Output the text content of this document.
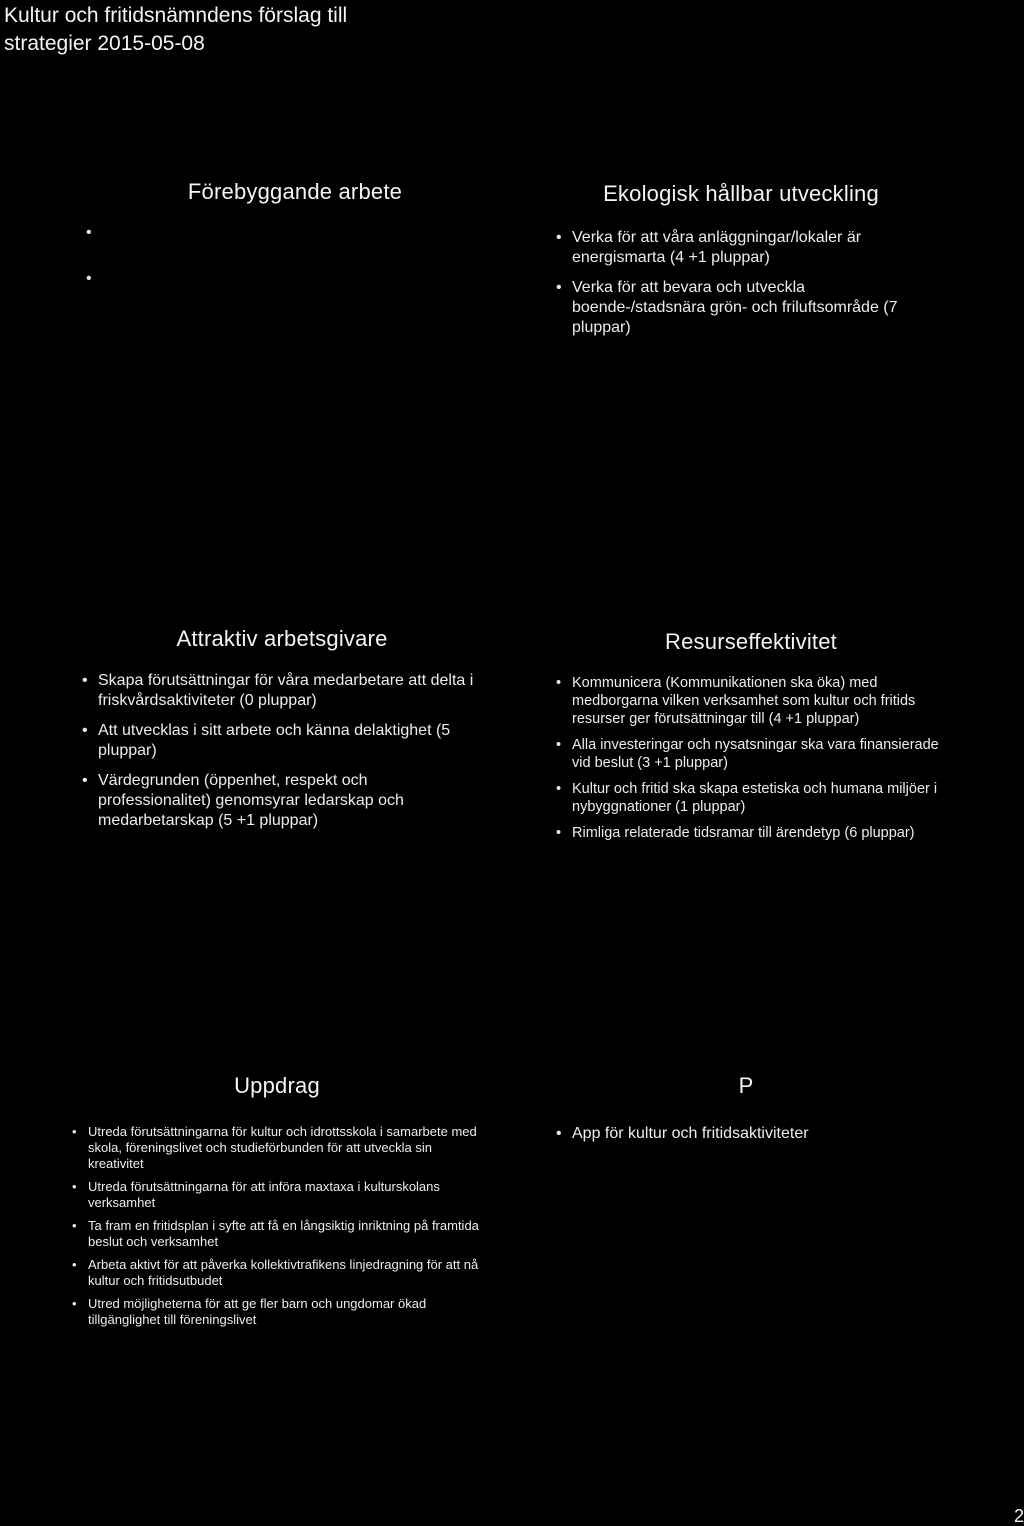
Kultur och fritidsnämndens förslag till
strategier 2015-05-08
Förebyggande arbete
•
•
Ekologisk hållbar utveckling
• Verka för att våra anläggningar/lokaler är energismarta (4 +1 pluppar)
• Verka för att bevara och utveckla boende-/stadsnära grön- och friluftsområde (7 pluppar)
Attraktiv arbetsgivare
• Skapa förutsättningar för våra medarbetare att delta i friskvårdsaktiviteter (0 pluppar)
• Att utvecklas i sitt arbete och känna delaktighet (5 pluppar)
• Värdegrunden (öppenhet, respekt och professionalitet) genomsyrar ledarskap och medarbetarskap (5 +1 pluppar)
Resurseffektivitet
• Kommunicera (Kommunikationen ska öka) med medborgarna vilken verksamhet som kultur och fritids resurser ger förutsättningar till (4 +1 pluppar)
• Alla investeringar och nysatsningar ska vara finansierade vid beslut (3 +1 pluppar)
• Kultur och fritid ska skapa estetiska och humana miljöer i nybyggnationer (1 pluppar)
• Rimliga relaterade tidsramar till ärendetyp (6 pluppar)
Uppdrag
• Utreda förutsättningarna för kultur och idrottsskola i samarbete med skola, föreningslivet och studieförbunden för att utveckla sin kreativitet
• Utreda förutsättningarna för att införa maxtaxa i kulturskolans verksamhet
• Ta fram en fritidsplan i syfte att få en långsiktig inriktning på framtida beslut och verksamhet
• Arbeta aktivt för att påverka kollektivtrafikens linjedragning för att nå kultur och fritidsutbudet
• Utred möjligheterna för att ge fler barn och ungdomar ökad tillgänglighet till föreningslivet
P
• App för kultur och fritidsaktiviteter
2
